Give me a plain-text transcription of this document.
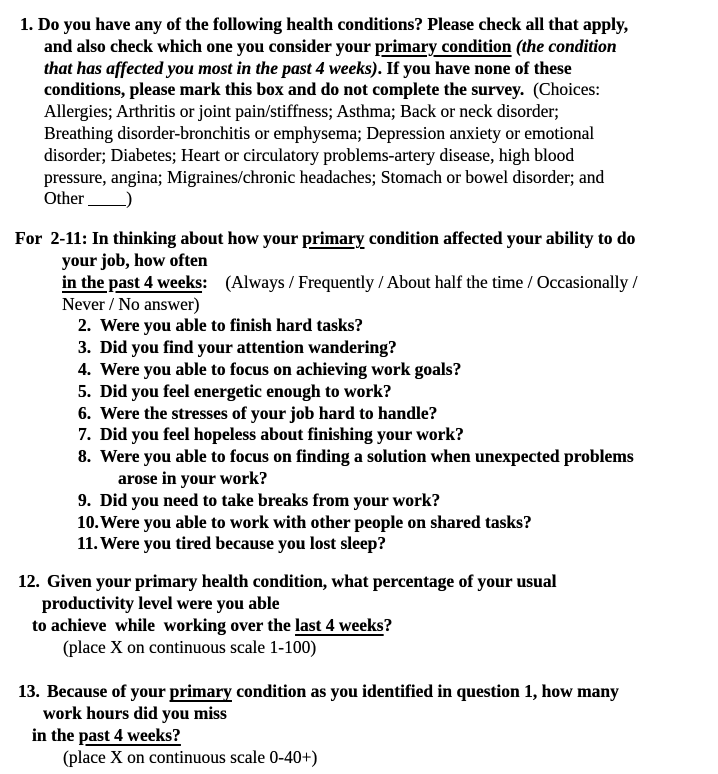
1. Do you have any of the following health conditions? Please check all that apply,
and also check which one you consider your primary condition (the condition
that has affected you most in the past 4 weeks). If you have none of these
conditions, please mark this box and do not complete the survey.  (Choices:
Allergies; Arthritis or joint pain/stiffness; Asthma; Back or neck disorder;
Breathing disorder-bronchitis or emphysema; Depression anxiety or emotional
disorder; Diabetes; Heart or circulatory problems-artery disease, high blood
pressure, angina; Migraines/chronic headaches; Stomach or bowel disorder; and
Other )
For  2-11: In thinking about how your primary condition affected your ability to do
your job, how often
in the past 4 weeks:    (Always / Frequently / About half the time / Occasionally /
Never / No answer)
2. Were you able to finish hard tasks?
3. Did you find your attention wandering?
4. Were you able to focus on achieving work goals?
5. Did you feel energetic enough to work?
6. Were the stresses of your job hard to handle?
7. Did you feel hopeless about finishing your work?
8. Were you able to focus on finding a solution when unexpected problems
arose in your work?
9. Did you need to take breaks from your work?
10.Were you able to work with other people on shared tasks?
11. Were you tired because you lost sleep?
12. Given your primary health condition, what percentage of your usual
productivity level were you able
to achieve  while  working over the last 4 weeks?
(place X on continuous scale 1-100)
13. Because of your primary condition as you identified in question 1, how many
work hours did you miss
in the past 4 weeks?
(place X on continuous scale 0-40+)
